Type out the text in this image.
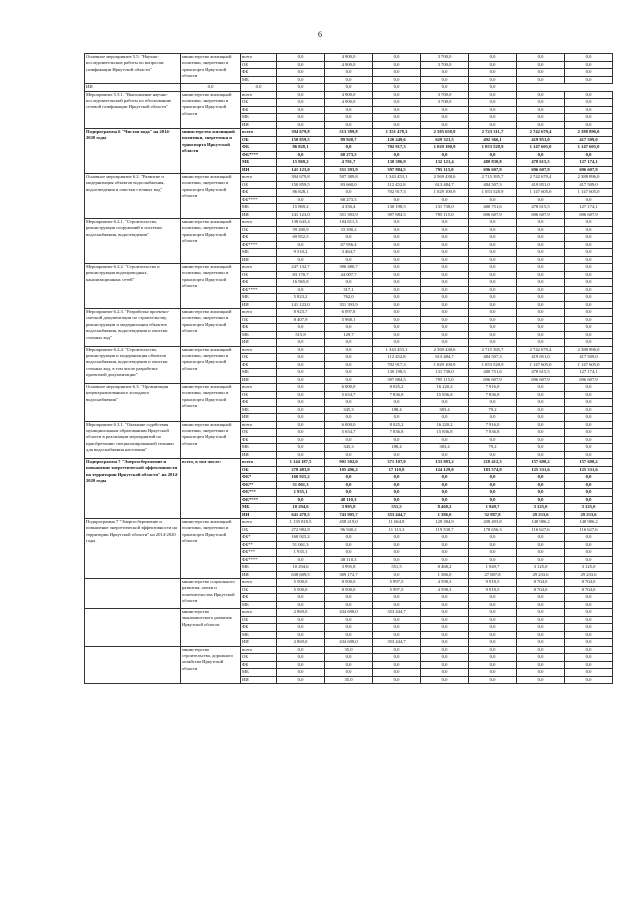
6
Основное мероприятие 5.5. "Научно-исследовательские работы по вопросам газификации Иркутской области"	министерство жилищной политики, энергетики и транспорта Иркутской области	всего	0,0	4 900,0	0,0	3 700,0	0,0	0,0	0,0
		ОБ	0,0	4 900,0	0,0	3 700,0	0,0	0,0	0,0
		ФБ	0,0	0,0	0,0	0,0	0,0	0,0	0,0
		МБ	0,0	0,0	0,0	0,0	0,0	0,0	0,0
ИИ	0,0	0,0	0,0	0,0	0,0	0,0	0,0		
Мероприятие 5.5.1. "Выполнение научно-исследовательской работы по обоснованию сетевой газификации Иркутской области"	министерство жилищной политики, энергетики и транспорта Иркутской области	всего	0,0	4 900,0	0,0	3 700,0	0,0	0,0	0,0
		ОБ	0,0	4 900,0	0,0	3 700,0	0,0	0,0	0,0
		ФБ	0,0	0,0	0,0	0,0	0,0	0,0	0,0
		МБ	0,0	0,0	0,0	0,0	0,0	0,0	0,0
		ИИ	0,0	0,0	0,0	0,0	0,0	0,0	0,0
Подпрограмма 6 "Чистая вода" на 2014-2020 годы	министерство жилищной политики, энергетики и транспорта Иркутской области	всего	394 679,8	513 389,8	1 351 478,3	2 585 658,8	2 723 311,7	2 742 679,4	2 388 896,0
		ОБ	150 859,5	89 920,7	120 249,6	629 321,5	492 366,1	419 851,0	417 509,0
		ФБ	86 828,1	0,0	702 917,3	1 029 100,9	1 053 528,9	1 147 605,0	1 147 605,0
		ФБ****	0,0	68 273,5	0,0	0,0	0,0	0,0	0,0
		МБ	15 869,2	4 701,7	130 386,9	132 121,4	480 830,8	478 615,5	127 174,1
		ИИ	141 123,0	351 393,9	397 884,5	795 115,0	696 607,9	696 607,9	696 607,9
Основное мероприятие 6.2. "Развитие и модернизация объектов водоснабжения, водоотведения и очистки сточных вод"	министерство жилищной политики, энергетики и транспорта Иркутской области	всего	394 679,8	507 389,8	1 343 453,1	2 569 438,6	2 715 395,7	2 742 679,4	2 388 896,0
		ОБ	150 859,5	83 660,0	112 452,8	613 484,7	484 507,3	419 851,0	417 509,0
		ФБ	86 828,1	0,0	702 917,3	1 029 100,9	1 053 528,9	1 147 605,0	1 147 605,0
		ФБ****	0,0	68 273,5	0,0	0,0	0,0	0,0	0,0
		МБ	15 869,2	4 356,4	130 198,5	131 738,0	480 751,6	478 615,5	127 174,1
		ИИ	141 123,0	351 393,9	397 884,5	795 115,0	696 607,9	696 607,9	696 607,9
Мероприятие 6.2.1. "Строительство, реконструкция сооружений в системах водоснабжения, водоотведения"	министерство жилищной политики, энергетики и транспорта Иркутской области	всего	138 643,4	104 811,3	0,0	0,0	0,0	0,0	0,0
		ОБ	59 280,9	33 390,2	0,0	0,0	0,0	0,0	0,0
		ФБ	69 852,5	0,0	0,0	0,0	0,0	0,0	0,0
		ФБ****	0,0	67 956,4	0,0	0,0	0,0	0,0	0,0
		МБ	9 510,2	3 464,7	0,0	0,0	0,0	0,0	0,0
		ИИ	0,0	0,0	0,0	0,0	0,0	0,0	0,0
Мероприятие 6.2.2. "Строительство и реконструкция водопроводных, канализационных сетей"	министерство жилищной политики, энергетики и транспорта Иркутской области	всего	247 132,7	396 480,7	0,0	0,0	0,0	0,0	0,0
		ОБ	83 170,7	44 007,7	0,0	0,0	0,0	0,0	0,0
		ФБ	16 965,8	0,0	0,0	0,0	0,0	0,0	0,0
		ФБ****	0,0	317,1	0,0	0,0	0,0	0,0	0,0
		МБ	5 823,2	762,0	0,0	0,0	0,0	0,0	0,0
		ИИ	141 123,0	351 393,9	0,0	0,0	0,0	0,0	0,0
Мероприятие 6.2.3. "Разработка проектно-сметной документации по строительству, реконструкции и модернизации объектов водоснабжения, водоотведения и очистки сточных вод"	министерство жилищной политики, энергетики и транспорта Иркутской области	всего	8 923,7	6 097,8	0,0	0,0	0,0	0,0	0,0
		ОБ	8 407,9	5 968,1	0,0	0,0	0,0	0,0	0,0
		ФБ	0,0	0,0	0,0	0,0	0,0	0,0	0,0
		МБ	515,8	129,7	0,0	0,0	0,0	0,0	0,0
		ИИ	0,0	0,0	0,0	0,0	0,0	0,0	0,0
Мероприятие 6.2.4. "Строительство, реконструкция и модернизация объектов водоснабжения, водоотведения и очистки сточных вод, в том числе разработка проектной документации"	министерство жилищной политики, энергетики и транспорта Иркутской области	всего	0,0	0,0	1 343 453,1	2 569 438,6	2 715 395,7	2 742 679,4	2 388 896,0
		ОБ	0,0	0,0	112 452,8	613 484,7	484 507,3	419 851,0	417 509,0
		ФБ	0,0	0,0	702 917,3	1 029 100,9	1 053 528,9	1 147 605,0	1 147 605,0
		МБ	0,0	0,0	130 198,5	131 738,0	480 751,6	478 615,5	127 174,1
		ИИ	0,0	0,0	397 884,5	795 115,0	696 607,9	696 607,9	696 607,9
Основное мероприятие 6.3. "Организация нецентрализованного холодного водоснабжения"	министерство жилищной политики, энергетики и транспорта Иркутской области	всего	0,0	6 000,0	8 025,2	16 220,2	7 916,0	0,0	0,0
		ОБ	0,0	5 654,7	7 836,8	15 836,8	7 836,8	0,0	0,0
		ФБ	0,0	0,0	0,0	0,0	0,0	0,0	0,0
		МБ	0,0	345,3	188,4	383,4	79,2	0,0	0,0
		ИИ	0,0	0,0	0,0	0,0	0,0	0,0	0,0
Мероприятие 6.3.1. "Оказание содействия муниципальным образованиям Иркутской области в реализации мероприятий по приобретению специализированной техники для водоснабжения населения"	министерство жилищной политики, энергетики и транспорта Иркутской области	всего	0,0	6 000,0	8 025,2	16 220,2	7 916,0	0,0	0,0
		ОБ	0,0	5 654,7	7 836,8	15 836,8	7 836,8	0,0	0,0
		ФБ	0,0	0,0	0,0	0,0	0,0	0,0	0,0
		МБ	0,0	345,3	188,4	383,4	79,2	0,0	0,0
		ИИ	0,0	0,0	0,0	0,0	0,0	0,0	0,0
Подпрограмма 7 "Энергосбережение и повышение энергетической эффективности на территории Иркутской области" на 2014-2020 годы	всего, в том числе:	всего	1 144 187,5	901 502,0	371 107,0	133 983,2	218 412,3	157 690,2	157 690,2
		ОБ	278 483,8	105 496,2	17 110,8	124 129,0	183 574,8	125 331,6	125 331,6
		ФБ*	160 925,2	0,0	0,0	0,0	0,0	0,0	0,0
		ФБ**	51 061,3	0,0	0,0	0,0	0,0	0,0	0,0
		ФБ***	1 935,1	0,0	0,0	0,0	0,0	0,0	0,0
		ФБ****	0,0	48 110,3	0,0	0,0	0,0	0,0	0,0
		МБ	10 294,6	3 995,8	551,5	8 468,2	1 949,7	3 125,0	3 125,0
		ИИ	641 478,5	743 905,7	353 444,7	1 386,0	32 887,8	29 233,6	29 233,6
Подпрограмма 7 "Энергосбережение и повышение энергетической эффективности на территории Иркутской области" на 2014-2020 годы	министерство жилищной политики, энергетики и транспорта Иркутской области	всего	1 135 818,5	458 219,0	11 664,8	129 384,9	208 493,8	148 986,2	148 986,2
		ОБ	272 982,8	96 940,2	11 113,3	119 530,7	178 656,3	116 627,6	116 627,6
		ФБ*	160 925,2	0,0	0,0	0,0	0,0	0,0	0,0
		ФБ**	51 061,3	0,0	0,0	0,0	0,0	0,0	0,0
		ФБ***	1 935,1	0,0	0,0	0,0	0,0	0,0	0,0
		ФБ****	0,0	48 110,3	0,0	0,0	0,0	0,0	0,0
		МБ	10 294,6	3 995,8	551,5	8 468,2	1 949,7	3 125,0	3 125,0
		ИИ	638 609,5	309 172,7	0,0	1 386,0	27 887,8	29 233,6	29 233,6
	министерство социального развития, опеки и попечительства Иркутской области	всего	5 500,0	8 500,0	5 997,5	4 598,3	9 918,5	8 704,0	8 704,0
		ОБ	5 500,0	8 500,0	5 997,5	4 598,3	9 918,5	8 704,0	8 704,0
		ФБ	0,0	0,0	0,0	0,0	0,0	0,0	0,0
		МБ	0,0	0,0	0,0	0,0	0,0	0,0	0,0
	министерство экономического развития Иркутской области	всего	2 869,0	434 698,0	353 444,7	0,0	0,0	0,0	0,0
		ОБ	0,0	0,0	0,0	0,0	0,0	0,0	0,0
		ФБ	0,0	0,0	0,0	0,0	0,0	0,0	0,0
		МБ	0,0	0,0	0,0	0,0	0,0	0,0	0,0
		ИИ	2 869,0	434 698,0	353 444,7	0,0	0,0	0,0	0,0
	министерство строительства, дорожного хозяйства Иркутской области	всего	0,0	35,0	0,0	0,0	0,0	0,0	0,0
		ОБ	0,0	0,0	0,0	0,0	0,0	0,0	0,0
		ФБ	0,0	0,0	0,0	0,0	0,0	0,0	0,0
		МБ	0,0	0,0	0,0	0,0	0,0	0,0	0,0
		ИИ	0,0	35,0	0,0	0,0	0,0	0,0	0,0
